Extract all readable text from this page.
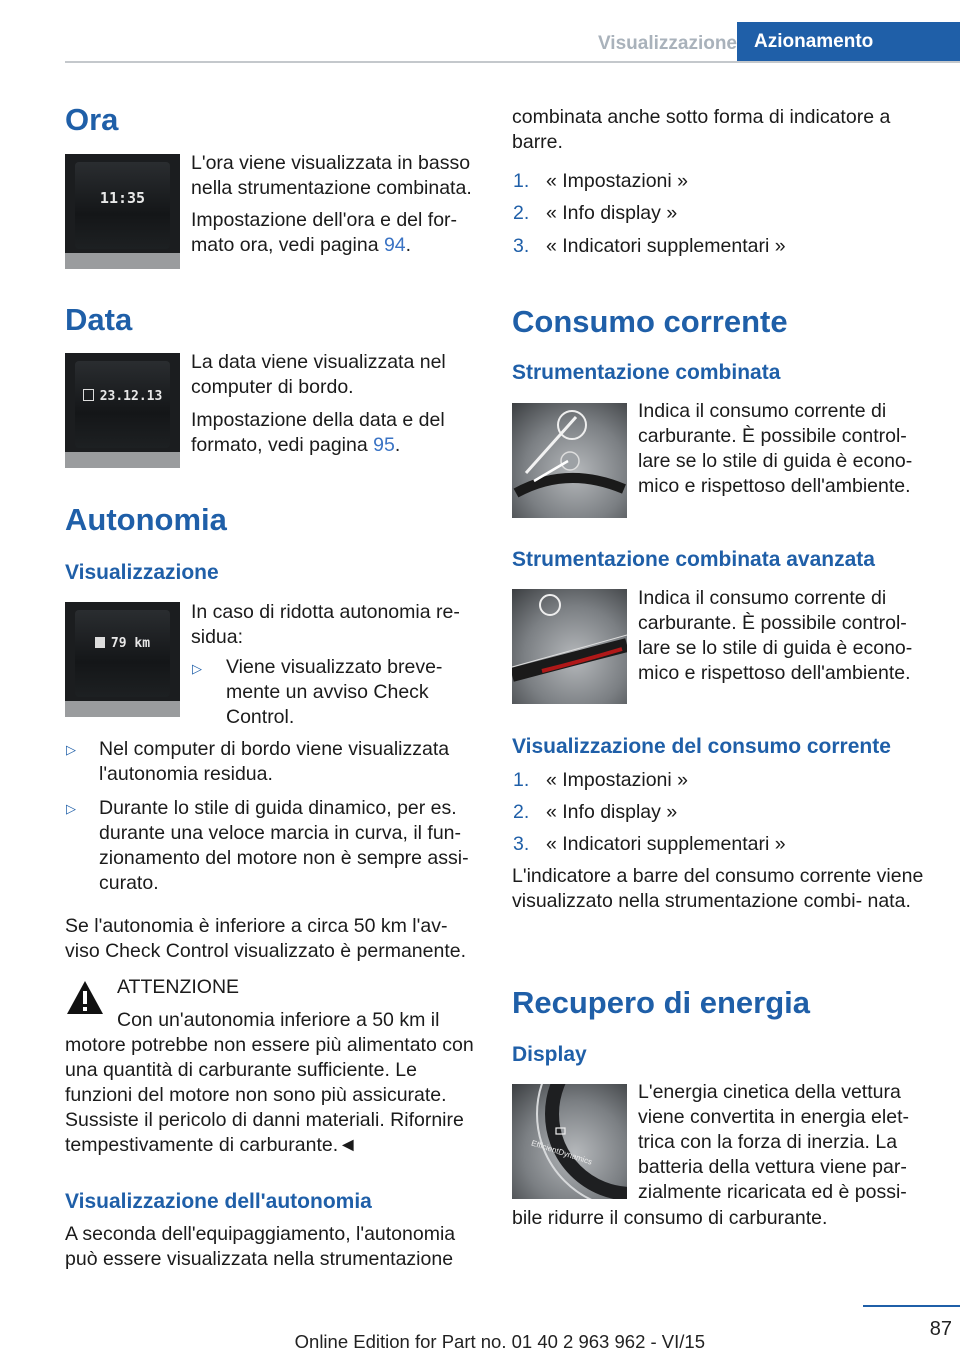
Visualizzazione Azionamento
Ora
11:35

L'ora viene visualizzata in basso nella strumentazione combinata.

Impostazione dell'ora e del for-
mato ora, vedi pagina 94.

Data
23.12.13

La data viene visualizzata nel computer di bordo.

Impostazione della data e del
formato, vedi pagina 95.

Autonomia
Visualizzazione
79 km

In caso di ridotta autonomia re- sidua:

▷ Viene visualizzato breve- mente un avviso Check Control.

▷ Nel computer di bordo viene visualizzata l'autonomia residua.

▷ Durante lo stile di guida dinamico, per es. durante una veloce marcia in curva, il fun- zionamento del motore non è sempre assi- curato.

Se l'autonomia è inferiore a circa 50 km l'av- viso Check Control visualizzato è permanente.

ATTENZIONE

Con un'autonomia inferiore a 50 km il motore potrebbe non essere più alimentato con una quantità di carburante sufficiente. Le funzioni del motore non sono più assicurate. Sussiste il pericolo di danni materiali. Rifornire tempestivamente di carburante.◄

Visualizzazione dell'autonomia

A seconda dell'equipaggiamento, l'autonomia può essere visualizzata nella strumentazione

combinata anche sotto forma di indicatore a barre.

1. « Impostazioni »

2. « Info display »

3. « Indicatori supplementari »

Consumo corrente
Strumentazione combinata

Indica il consumo corrente di carburante. È possibile control- lare se lo stile di guida è econo- mico e rispettoso dell'ambiente.

Strumentazione combinata avanzata

Indica il consumo corrente di carburante. È possibile control- lare se lo stile di guida è econo- mico e rispettoso dell'ambiente.

Visualizzazione del consumo corrente
1. « Impostazioni »

2. « Info display »

3. « Indicatori supplementari »

L'indicatore a barre del consumo corrente viene visualizzato nella strumentazione combi- nata.

Recupero di energia
Display
EfficientDynamics

L'energia cinetica della vettura viene convertita in energia elet- trica con la forza di inerzia. La batteria della vettura viene par- zialmente ricaricata ed è possi-

bile ridurre il consumo di carburante.

87
Online Edition for Part no. 01 40 2 963 962 - VI/15
